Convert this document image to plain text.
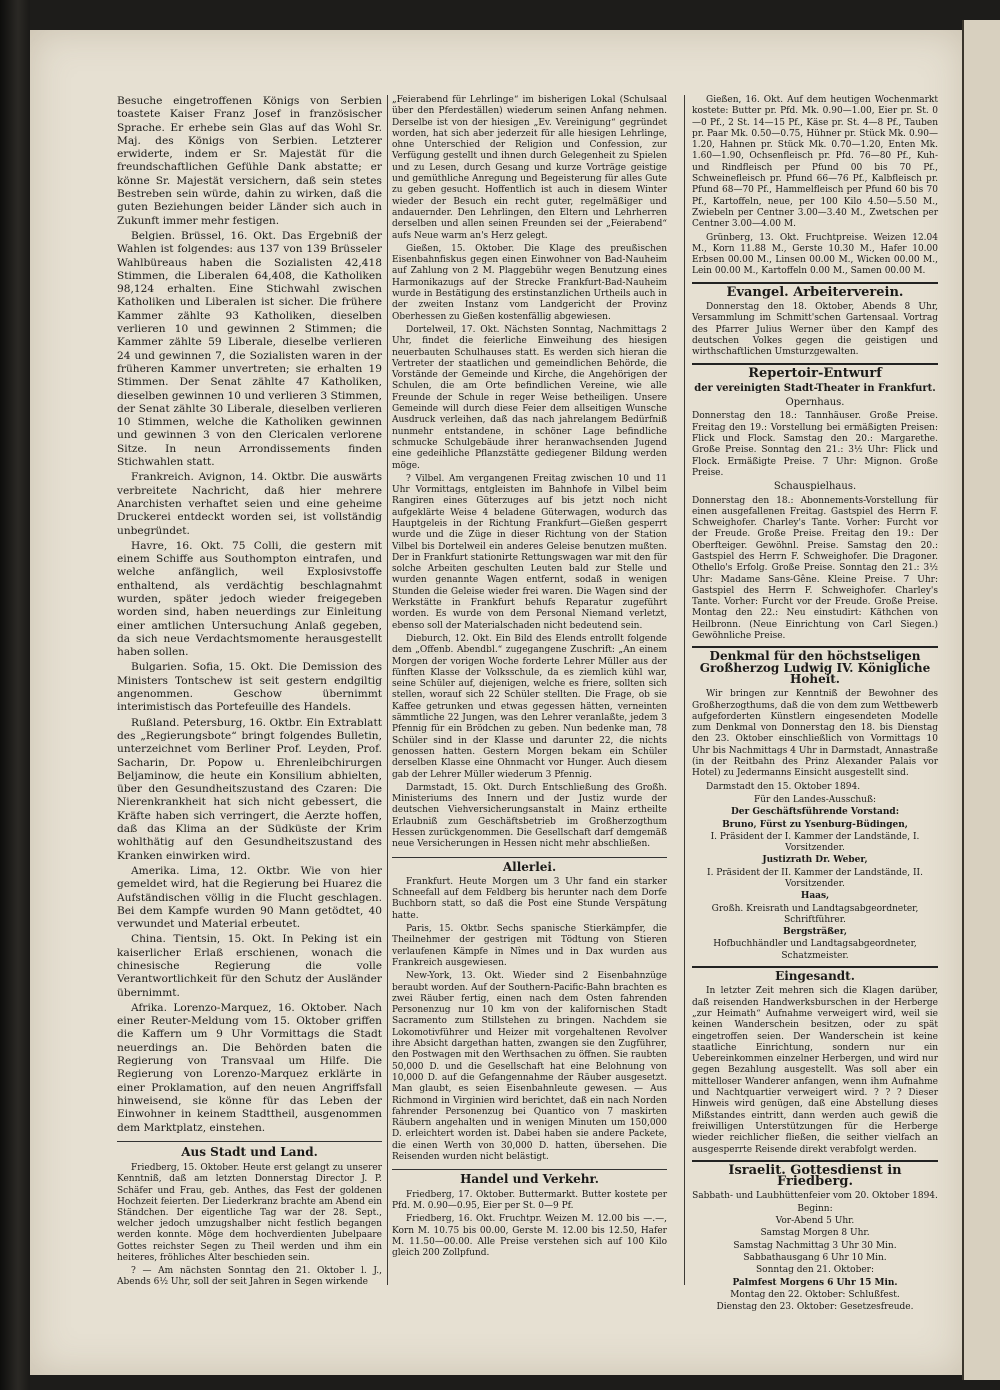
Besuche eingetroffenen Königs von Serbien toastete Kaiser Franz Josef in französischer Sprache. Er erhebe sein Glas auf das Wohl Sr. Maj. des Königs von Serbien. Letzterer erwiderte, indem er Sr. Majestät für die freundschaftlichen Gefühle Dank abstatte; er könne Sr. Majestät versichern, daß sein stetes Bestreben sein würde, dahin zu wirken, daß die guten Beziehungen beider Länder sich auch in Zukunft immer mehr festigen.

Belgien. Brüssel, 16. Okt. Das Ergebniß der Wahlen ist folgendes: aus 137 von 139 Brüsseler Wahlbüreaus haben die Sozialisten 42,418 Stimmen, die Liberalen 64,408, die Katholiken 98,124 erhalten. Eine Stichwahl zwischen Katholiken und Liberalen ist sicher. Die frühere Kammer zählte 93 Katholiken, dieselben verlieren 10 und gewinnen 2 Stimmen; die Kammer zählte 59 Liberale, dieselbe verlieren 24 und gewinnen 7, die Sozialisten waren in der früheren Kammer unvertreten; sie erhalten 19 Stimmen. Der Senat zählte 47 Katholiken, dieselben gewinnen 10 und verlieren 3 Stimmen, der Senat zählte 30 Liberale, dieselben verlieren 10 Stimmen, welche die Katholiken gewinnen und gewinnen 3 von den Clericalen verlorene Sitze. In neun Arrondissements finden Stichwahlen statt.

Frankreich. Avignon, 14. Oktbr. Die auswärts verbreitete Nachricht, daß hier mehrere Anarchisten verhaftet seien und eine geheime Druckerei entdeckt worden sei, ist vollständig unbegründet.

Havre, 16. Okt. 75 Colli, die gestern mit einem Schiffe aus Southompton eintrafen, und welche anfänglich, weil Explosivstoffe enthaltend, als verdächtig beschlagnahmt wurden, später jedoch wieder freigegeben worden sind, haben neuerdings zur Einleitung einer amtlichen Untersuchung Anlaß gegeben, da sich neue Verdachtsmomente herausgestellt haben sollen.

Bulgarien. Sofia, 15. Okt. Die Demission des Ministers Tontschew ist seit gestern endgiltig angenommen. Geschow übernimmt interimistisch das Portefeuille des Handels.

Rußland. Petersburg, 16. Oktbr. Ein Extrablatt des „Regierungsbote“ bringt folgendes Bulletin, unterzeichnet vom Berliner Prof. Leyden, Prof. Sacharin, Dr. Popow u. Ehrenleibchirurgen Beljaminow, die heute ein Konsilium abhielten, über den Gesundheitszustand des Czaren: Die Nierenkrankheit hat sich nicht gebessert, die Kräfte haben sich verringert, die Aerzte hoffen, daß das Klima an der Südküste der Krim wohlthätig auf den Gesundheitszustand des Kranken einwirken wird.

Amerika. Lima, 12. Oktbr. Wie von hier gemeldet wird, hat die Regierung bei Huarez die Aufständischen völlig in die Flucht geschlagen. Bei dem Kampfe wurden 90 Mann getödtet, 40 verwundet und Material erbeutet.

China. Tientsin, 15. Okt. In Peking ist ein kaiserlicher Erlaß erschienen, wonach die chinesische Regierung die volle Verantwortlichkeit für den Schutz der Ausländer übernimmt.

Afrika. Lorenzo-Marquez, 16. Oktober. Nach einer Reuter-Meldung vom 15. Oktober griffen die Kaffern um 9 Uhr Vormittags die Stadt neuerdings an. Die Behörden baten die Regierung von Transvaal um Hilfe. Die Regierung von Lorenzo-Marquez erklärte in einer Proklamation, auf den neuen Angriffsfall hinweisend, sie könne für das Leben der Einwohner in keinem Stadttheil, ausgenommen dem Marktplatz, einstehen.

Aus Stadt und Land.

Friedberg, 15. Oktober. Heute erst gelangt zu unserer Kenntniß, daß am letzten Donnerstag Director J. P. Schäfer und Frau, geb. Anthes, das Fest der goldenen Hochzeit feierten. Der Liederkranz brachte am Abend ein Ständchen. Der eigentliche Tag war der 28. Sept., welcher jedoch umzugshalber nicht festlich begangen werden konnte. Möge dem hochverdienten Jubelpaare Gottes reichster Segen zu Theil werden und ihm ein heiteres, fröhliches Alter beschieden sein.

? — Am nächsten Sonntag den 21. Oktober l. J., Abends 6½ Uhr, soll der seit Jahren in Segen wirkende

„Feierabend für Lehrlinge“ im bisherigen Lokal (Schulsaal über den Pferdeställen) wiederum seinen Anfang nehmen. Derselbe ist von der hiesigen „Ev. Vereinigung“ gegründet worden, hat sich aber jederzeit für alle hiesigen Lehrlinge, ohne Unterschied der Religion und Confession, zur Verfügung gestellt und ihnen durch Gelegenheit zu Spielen und zu Lesen, durch Gesang und kurze Vorträge geistige und gemüthliche Anregung und Begeisterung für alles Gute zu geben gesucht. Hoffentlich ist auch in diesem Winter wieder der Besuch ein recht guter, regelmäßiger und andauernder. Den Lehrlingen, den Eltern und Lehrherren derselben und allen seinen Freunden sei der „Feierabend“ aufs Neue warm an's Herz gelegt.

Gießen, 15. Oktober. Die Klage des preußischen Eisenbahnfiskus gegen einen Einwohner von Bad-Nauheim auf Zahlung von 2 M. Plaggebühr wegen Benutzung eines Harmonikazugs auf der Strecke Frankfurt-Bad-Nauheim wurde in Bestätigung des erstinstanzlichen Urtheils auch in der zweiten Instanz vom Landgericht der Provinz Oberhessen zu Gießen kostenfällig abgewiesen.

Dortelweil, 17. Okt. Nächsten Sonntag, Nachmittags 2 Uhr, findet die feierliche Einweihung des hiesigen neuerbauten Schulhauses statt. Es werden sich hieran die Vertreter der staatlichen und gemeindlichen Behörde, die Vorstände der Gemeinde und Kirche, die Angehörigen der Schulen, die am Orte befindlichen Vereine, wie alle Freunde der Schule in reger Weise betheiligen. Unsere Gemeinde will durch diese Feier dem allseitigen Wunsche Ausdruck verleihen, daß das nach jahrelangem Bedürfniß nunmehr entstandene, in schöner Lage befindliche schmucke Schulgebäude ihrer heranwachsenden Jugend eine gedeihliche Pflanzstätte gediegener Bildung werden möge.

? Vilbel. Am vergangenen Freitag zwischen 10 und 11 Uhr Vormittags, entgleisten im Bahnhofe in Vilbel beim Rangiren eines Güterzuges auf bis jetzt noch nicht aufgeklärte Weise 4 beladene Güterwagen, wodurch das Hauptgeleis in der Richtung Frankfurt—Gießen gesperrt wurde und die Züge in dieser Richtung von der Station Vilbel bis Dortelweil ein anderes Geleise benutzen mußten. Der in Frankfurt stationirte Rettungswagen war mit den für solche Arbeiten geschulten Leuten bald zur Stelle und wurden genannte Wagen entfernt, sodaß in wenigen Stunden die Geleise wieder frei waren. Die Wagen sind der Werkstätte in Frankfurt behufs Reparatur zugeführt worden. Es wurde von dem Personal Niemand verletzt, ebenso soll der Materialschaden nicht bedeutend sein.

Dieburch, 12. Okt. Ein Bild des Elends entrollt folgende dem „Offenb. Abendbl.“ zugegangene Zuschrift: „An einem Morgen der vorigen Woche forderte Lehrer Müller aus der fünften Klasse der Volksschule, da es ziemlich kühl war, seine Schüler auf, diejenigen, welche es friere, sollten sich stellen, worauf sich 22 Schüler stellten. Die Frage, ob sie Kaffee getrunken und etwas gegessen hätten, verneinten sämmtliche 22 Jungen, was den Lehrer veranlaßte, jedem 3 Pfennig für ein Brödchen zu geben. Nun bedenke man, 78 Schüler sind in der Klasse und darunter 22, die nichts genossen hatten. Gestern Morgen bekam ein Schüler derselben Klasse eine Ohnmacht vor Hunger. Auch diesem gab der Lehrer Müller wiederum 3 Pfennig.

Darmstadt, 15. Okt. Durch Entschließung des Großh. Ministeriums des Innern und der Justiz wurde der deutschen Viehversicherungsanstalt in Mainz ertheilte Erlaubniß zum Geschäftsbetrieb im Großherzogthum Hessen zurückgenommen. Die Gesellschaft darf demgemäß neue Versicherungen in Hessen nicht mehr abschließen.

Allerlei.

Frankfurt. Heute Morgen um 3 Uhr fand ein starker Schneefall auf dem Feldberg bis herunter nach dem Dorfe Buchborn statt, so daß die Post eine Stunde Verspätung hatte.

Paris, 15. Oktbr. Sechs spanische Stierkämpfer, die Theilnehmer der gestrigen mit Tödtung von Stieren verlaufenen Kämpfe in Nîmes und in Dax wurden aus Frankreich ausgewiesen.

New-York, 13. Okt. Wieder sind 2 Eisenbahnzüge beraubt worden. Auf der Southern-Pacific-Bahn brachten es zwei Räuber fertig, einen nach dem Osten fahrenden Personenzug nur 10 km von der kalifornischen Stadt Sacramento zum Stillstehen zu bringen. Nachdem sie Lokomotivführer und Heizer mit vorgehaltenen Revolver ihre Absicht dargethan hatten, zwangen sie den Zugführer, den Postwagen mit den Werthsachen zu öffnen. Sie raubten 50,000 D. und die Gesellschaft hat eine Belohnung von 10,000 D. auf die Gefangennahme der Räuber ausgesetzt. Man glaubt, es seien Eisenbahnleute gewesen. — Aus Richmond in Virginien wird berichtet, daß ein nach Norden fahrender Personenzug bei Quantico von 7 maskirten Räubern angehalten und in wenigen Minuten um 150,000 D. erleichtert worden ist. Dabei haben sie andere Packete, die einen Werth von 30,000 D. hatten, übersehen. Die Reisenden wurden nicht belästigt.

Handel und Verkehr.

Friedberg, 17. Oktober. Buttermarkt. Butter kostete per Pfd. M. 0.90—0.95, Eier per St. 0—9 Pf.

Friedberg, 16. Okt. Fruchtpr. Weizen M. 12.00 bis —.—, Korn M. 10.75 bis 00.00, Gerste M. 12.00 bis 12.50, Hafer M. 11.50—00.00. Alle Preise verstehen sich auf 100 Kilo gleich 200 Zollpfund.

Gießen, 16. Okt. Auf dem heutigen Wochenmarkt kostete: Butter pr. Pfd. Mk. 0.90—1.00, Eier pr. St. 0—0 Pf., 2 St. 14—15 Pf., Käse pr. St. 4—8 Pf., Tauben pr. Paar Mk. 0.50—0.75, Hühner pr. Stück Mk. 0.90—1.20, Hahnen pr. Stück Mk. 0.70—1.20, Enten Mk. 1.60—1.90, Ochsenfleisch pr. Pfd. 76—80 Pf., Kuh- und Rindfleisch per Pfund 00 bis 70 Pf., Schweinefleisch pr. Pfund 66—76 Pf., Kalbfleisch pr. Pfund 68—70 Pf., Hammelfleisch per Pfund 60 bis 70 Pf., Kartoffeln, neue, per 100 Kilo 4.50—5.50 M., Zwiebeln per Centner 3.00—3.40 M., Zwetschen per Centner 3.00—4.00 M.

Grünberg, 13. Okt. Fruchtpreise. Weizen 12.04 M., Korn 11.88 M., Gerste 10.30 M., Hafer 10.00 Erbsen 00.00 M., Linsen 00.00 M., Wicken 00.00 M., Lein 00.00 M., Kartoffeln 0.00 M., Samen 00.00 M.

Evangel. Arbeiterverein.

Donnerstag den 18. Oktober, Abends 8 Uhr, Versammlung im Schmitt'schen Gartensaal. Vortrag des Pfarrer Julius Werner über den Kampf des deutschen Volkes gegen die geistigen und wirthschaftlichen Umsturzgewalten.

Repertoir-Entwurf
der vereinigten Stadt-Theater in Frankfurt.
Opernhaus.

Donnerstag den 18.: Tannhäuser. Große Preise. Freitag den 19.: Vorstellung bei ermäßigten Preisen: Flick und Flock. Samstag den 20.: Margarethe. Große Preise. Sonntag den 21.: 3½ Uhr: Flick und Flock. Ermäßigte Preise. 7 Uhr: Mignon. Große Preise.

Schauspielhaus.

Donnerstag den 18.: Abonnements-Vorstellung für einen ausgefallenen Freitag. Gastspiel des Herrn F. Schweighofer. Charley's Tante. Vorher: Furcht vor der Freude. Große Preise. Freitag den 19.: Der Oberfteiger. Gewöhnl. Preise. Samstag den 20.: Gastspiel des Herrn F. Schweighofer. Die Dragoner. Othello's Erfolg. Große Preise. Sonntag den 21.: 3½ Uhr: Madame Sans-Gêne. Kleine Preise. 7 Uhr: Gastspiel des Herrn F. Schweighofer. Charley's Tante. Vorher: Furcht vor der Freude. Große Preise. Montag den 22.: Neu einstudirt: Käthchen von Heilbronn. (Neue Einrichtung von Carl Siegen.) Gewöhnliche Preise.

Denkmal für den höchstseligen Großherzog Ludwig IV. Königliche Hoheit.

Wir bringen zur Kenntniß der Bewohner des Großherzogthums, daß die von dem zum Wettbewerb aufgeforderten Künstlern eingesendeten Modelle zum Denkmal von Donnerstag den 18. bis Dienstag den 23. Oktober einschließlich von Vormittags 10 Uhr bis Nachmittags 4 Uhr in Darmstadt, Annastraße (in der Reitbahn des Prinz Alexander Palais vor Hotel) zu Jedermanns Einsicht ausgestellt sind.

Darmstadt den 15. Oktober 1894.

Für den Landes-Ausschuß:
Der Geschäftsführende Vorstand:
Bruno, Fürst zu Ysenburg-Büdingen,
I. Präsident der I. Kammer der Landstände, I. Vorsitzender.
Justizrath Dr. Weber,
I. Präsident der II. Kammer der Landstände, II. Vorsitzender.
Haas,
Großh. Kreisrath und Landtagsabgeordneter, Schriftführer.
Bergsträßer,
Hofbuchhändler und Landtagsabgeordneter, Schatzmeister.
Eingesandt.

In letzter Zeit mehren sich die Klagen darüber, daß reisenden Handwerksburschen in der Herberge „zur Heimath“ Aufnahme verweigert wird, weil sie keinen Wanderschein besitzen, oder zu spät eingetroffen seien. Der Wanderschein ist keine staatliche Einrichtung, sondern nur ein Uebereinkommen einzelner Herbergen, und wird nur gegen Bezahlung ausgestellt. Was soll aber ein mittelloser Wanderer anfangen, wenn ihm Aufnahme und Nachtquartier verweigert wird. ? ? ? Dieser Hinweis wird genügen, daß eine Abstellung dieses Mißstandes eintritt, dann werden auch gewiß die freiwilligen Unterstützungen für die Herberge wieder reichlicher fließen, die seither vielfach an ausgesperrte Reisende direkt verabfolgt werden.

Israelit. Gottesdienst in Friedberg.
Sabbath- und Laubhüttenfeier vom 20. Oktober 1894.
Beginn:
Vor-Abend 5 Uhr.
Samstag Morgen 8 Uhr.
Samstag Nachmittag 3 Uhr 30 Min.
Sabbathausgang 6 Uhr 10 Min.
Sonntag den 21. Oktober:
Palmfest Morgens 6 Uhr 15 Min.
Montag den 22. Oktober: Schlußfest.
Dienstag den 23. Oktober: Gesetzesfreude.
